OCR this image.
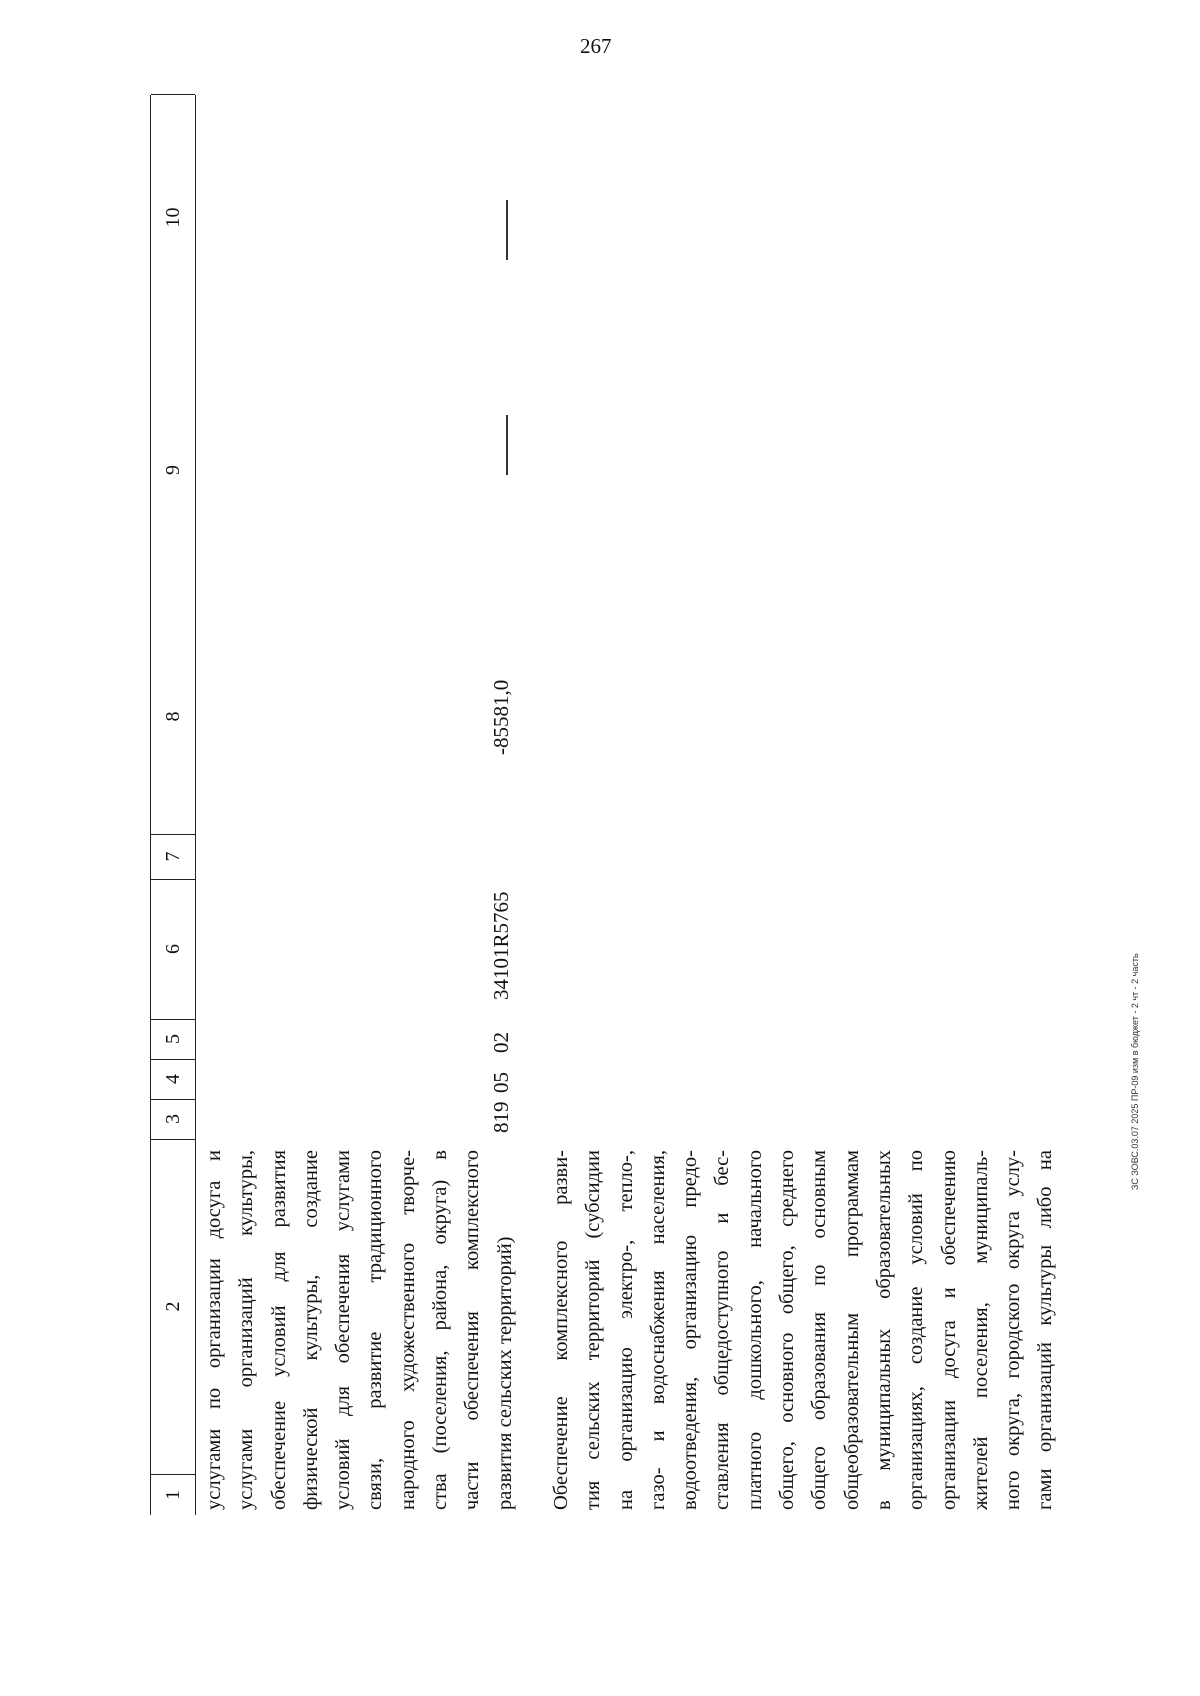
267
1
2
3
4
5
6
7
8
9
10
услугами по организации досуга и услугами организаций культуры, обеспечение условий для развития физической культуры, создание условий для обеспечения услугами связи, развитие традиционного народного художественного творче- ства (поселения, района, округа) в части обеспечения комплексного развития сельских территорий)
819
05
02
34101R5765
-85581,0
Обеспечение комплексного разви- тия сельских территорий (субсидии на организацию электро-, тепло-, газо- и водоснабжения населения, водоотведения, организацию предо- ставления общедоступного и бес- платного дошкольного, начального общего, основного общего, среднего общего образования по основным общеобразовательным программам в муниципальных образовательных организациях, создание условий по организации досуга и обеспечению жителей поселения, муниципаль- ного округа, городского округа услу- гами организаций культуры либо на
ЗС ЗОВС.03.07 2025 ПР-09 изм в бюджет - 2 чт - 2 часть
